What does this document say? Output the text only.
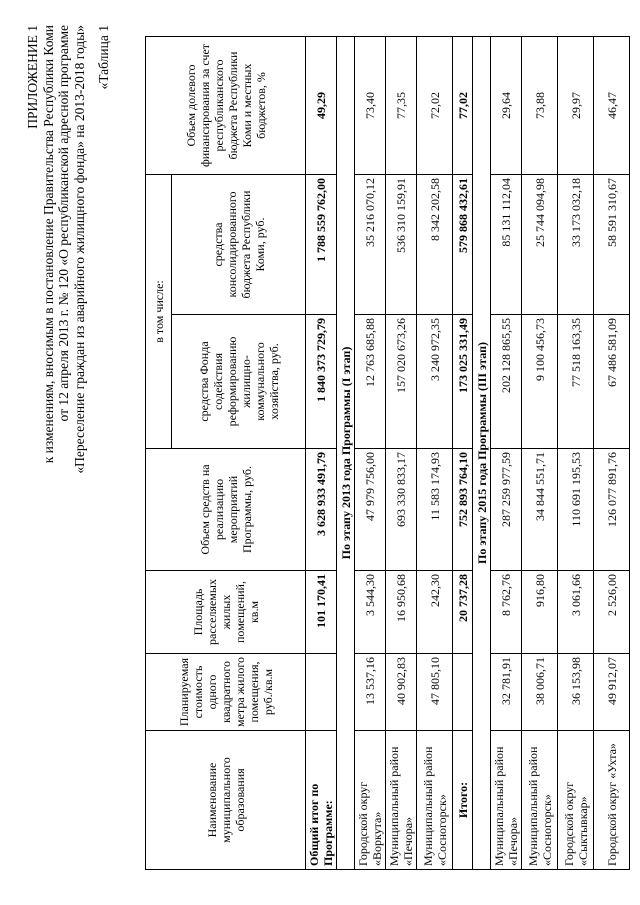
ПРИЛОЖЕНИЕ 1 к изменениям, вносимым в постановление Правительства Республики Коми от 12 апреля 2013 г. № 120 «О республиканской адресной программе «Переселение граждан из аварийного жилищного фонда» на 2013-2018 годы» «Таблица 1
Наименование муниципального образования	Планируемая стоимость одного квадратного метра жилого помещения, руб./кв.м	Площадь расселяемых жилых помещений, кв.м	Объем средств на реализацию мероприятий Программы, руб.	в том числе:		Объем долевого финансирования за счет республиканского бюджета Республики Коми и местных бюджетов, %
				средства Фонда содействия реформированию жилищно-коммунального хозяйства, руб.	средства консолидированного бюджета Республики Коми, руб.	
Общий итог по Программе:		101 170,41	3 628 933 491,79	1 840 373 729,79	1 788 559 762,00	49,29
По этапу 2013 года Программы (I этап)						
Городской округ «Воркута»	13 537,16	3 544,30	47 979 756,00	12 763 685,88	35 216 070,12	73,40
Муниципальный район «Печора»	40 902,83	16 950,68	693 330 833,17	157 020 673,26	536 310 159,91	77,35
Муниципальный район «Сосногорск»	47 805,10	242,30	11 583 174,93	3 240 972,35	8 342 202,58	72,02
Итого:		20 737,28	752 893 764,10	173 025 331,49	579 868 432,61	77,02
По этапу 2015 года Программы (III этап)						
Муниципальный район «Печора»	32 781,91	8 762,76	287 259 977,59	202 128 865,55	85 131 112,04	29,64
Муниципальный район «Сосногорск»	38 006,71	916,80	34 844 551,71	9 100 456,73	25 744 094,98	73,88
Городской округ «Сыктывкар»	36 153,98	3 061,66	110 691 195,53	77 518 163,35	33 173 032,18	29,97
Городской округ «Ухта»	49 912,07	2 526,00	126 077 891,76	67 486 581,09	58 591 310,67	46,47
